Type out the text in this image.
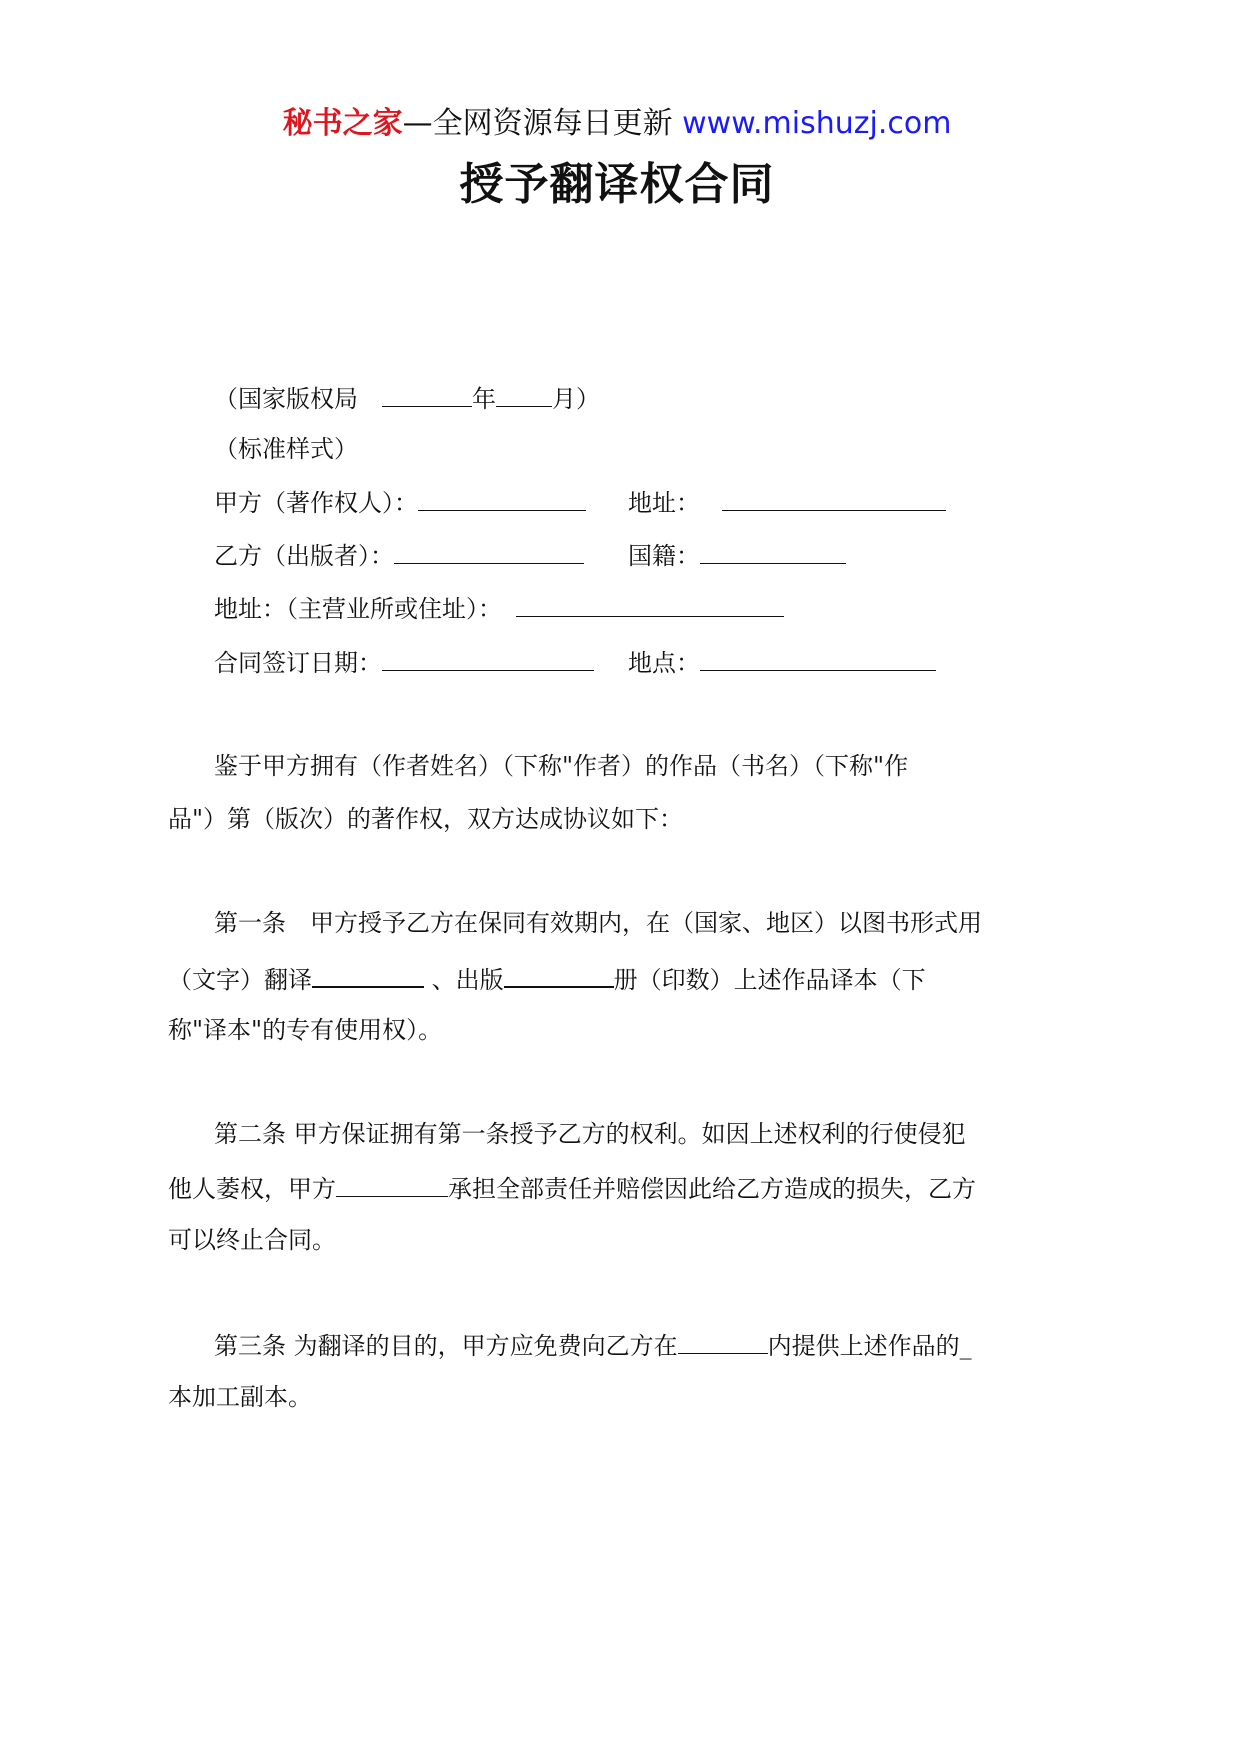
秘书之家—全网资源每日更新 www.mishuzj.com
授予翻译权合同
（国家版权局	年 月）
（标准样式）
甲方（著作权人）：	地址：
乙方（出版者）：	国籍：
地址：（主营业所或住址）：
合同签订日期：	地点：
鉴于甲方拥有（作者姓名）（下称"作者）的作品（书名）（下称"作
品"）第（版次）的著作权，双方达成协议如下：
第一条　甲方授予乙方在保同有效期内，在（国家、地区）以图书形式用
（文字）翻译	、出版	册（印数）上述作品译本（下
称"译本"的专有使用权）。
第二条 甲方保证拥有第一条授予乙方的权利。如因上述权利的行使侵犯
他人萎权，甲方	承担全部责任并赔偿因此给乙方造成的损失，乙方
可以终止合同。
第三条 为翻译的目的，甲方应免费向乙方在	内提供上述作品的_
本加工副本。
